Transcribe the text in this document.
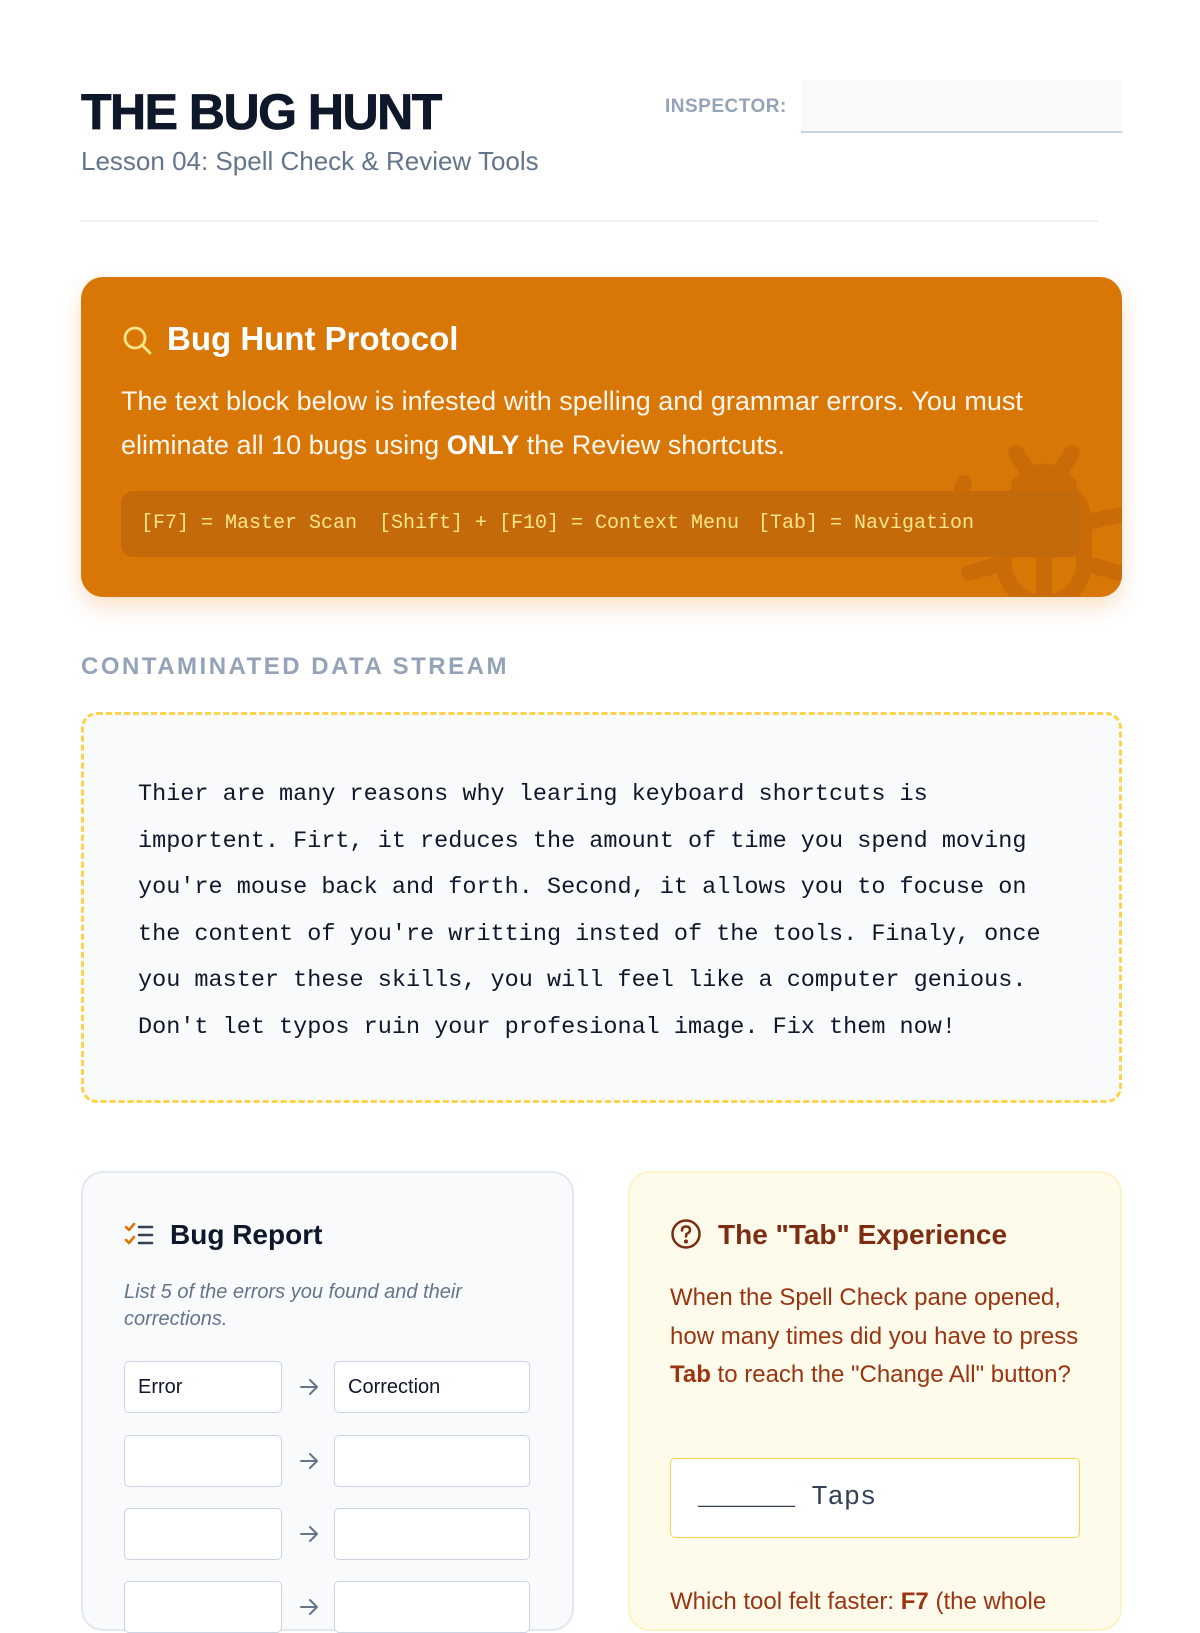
THE BUG HUNT
Lesson 04: Spell Check & Review Tools
INSPECTOR:
Bug Hunt Protocol
The text block below is infested with spelling and grammar errors. You must eliminate all 10 bugs using ONLY the Review shortcuts.
[F7] = Master Scan [Shift] + [F10] = Context Menu [Tab] = Navigation
CONTAMINATED DATA STREAM
Thier are many reasons why learing keyboard shortcuts is
importent. Firt, it reduces the amount of time you spend moving
you're mouse back and forth. Second, it allows you to focuse on
the content of you're writting insted of the tools. Finaly, once
you master these skills, you will feel like a computer genious.
Don't let typos ruin your profesional image. Fix them now!
Bug Report
List 5 of the errors you found and their corrections.
Error
Correction
The "Tab" Experience
When the Spell Check pane opened, how many times did you have to press Tab to reach the "Change All" button?
______ Taps
Which tool felt faster: F7 (the whole
